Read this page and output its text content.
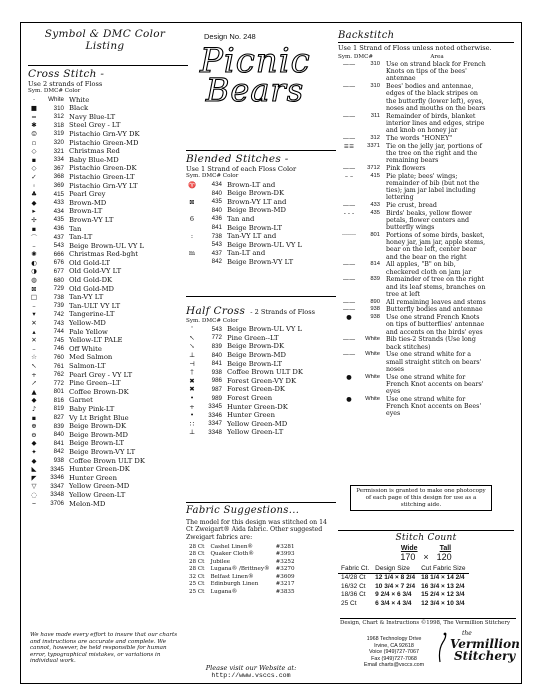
Symbol & DMC Color
Listing
Design No. 248
Picnic
Bears
Cross Stitch -
Use 2 strands of Floss
Sym. DMC# Color
·	White White
■	310 Black
=	312 Navy Blue-LT
✱	318 Steel Grey - LT
☺	319 Pistachio Grn-VY DK
▫	320 Pistachio Green-MD
◇	321 Christmas Red
▪	334 Baby Blue-MD
◇	367 Pistachio Green-DK
✓	368 Pistachio Green-LT
◦	369 Pistachio Grn-VY LT
♣	415 Pearl Grey
◆	433 Brown-MD
▸	434 Brown-LT
✢	435 Brown-VY LT
▪	436 Tan
⌒	437 Tan-LT
–	543 Beige Brown-UL VY L
✺	666 Christmas Red-bght
◐	676 Old Gold-LT
◑	677 Old Gold-VY LT
◍	680 Old Gold-DK
⊠	729 Old Gold-MD
□	738 Tan-VY LT
–	739 Tan-ULT VY LT
▾	742 Tangerine-LT
✕	743 Yellow-MD
▴	744 Pale Yellow
✕	745 Yellow-LT PALE
–	746 Off White
☆	760 Med Salmon
↖	761 Salmon-LT
+	762 Pearl Grey - VY LT
↗	772 Pine Green--LT
▲	801 Coffee Brown-DK
◆	816 Garnet
♪	819 Baby Pink-LT
▪	827 Vy Lt Bright Blue
⊕	839 Beige Brown-DK
⊖	840 Beige Brown-MD
◆	841 Beige Brown-LT
✦	842 Beige Brown-VY LT
◆	938 Coffee Brown ULT DK
◣	3345 Hunter Green-DK
◤	3346 Hunter Green
▽	3347 Yellow Green-MD
◌	3348 Yellow Green-LT
⌣	3706 Melon-MD
We have made every effort to insure that our charts and instructions are accurate and complete. We cannot, however, be held responsible for human error, typographical mistakes, or variations in individual work.
Blended Stitches -
Use 1 Strand of each Floss Color
Sym. DMC# Color
♈	434 Brown-LT and
840 Beige Brown-DK
⊠	435 Brown-VY LT and
840 Beige Brown-MD
6	436 Tan and
841 Beige Brown-LT
:	738 Tan-VY LT and
543 Beige Brown-UL VY L
m	437 Tan-LT and
842 Beige Brown-VY LT
Half Cross - 2 Strands of Floss
Sym. DMC# Color
'	543 Beige Brown-UL VY L
↖	772 Pine Green--LT
↘	839 Beige Brown-DK
⊥	840 Beige Brown-MD
⊣	841 Beige Brown-LT
†	938 Coffee Brown ULT DK
✖	986 Forest Green-VY DK
✖	987 Forest Green-DK
•	989 Forest Green
+	3345 Hunter Green-DK
•	3346 Hunter Green
∷	3347 Yellow Green-MD
⊥	3348 Yellow Green-LT
Fabric Suggestions...
The model for this design was stitched on 14 Ct Zweigart® Aida fabric. Other suggested Zweigart fabrics are:
28 Ct	Cashel Linen®	#3281
28 Ct	Quaker Cloth®	#3993
28 Ct	Jubilee	#3252
28 Ct	Lugana® /Brittney®	#3270
32 Ct	Belfast Linen®	#3609
25 Ct	Edinburgh Linen	#3217
25 Ct	Lugana®	#3835
Please visit our Website at:
http://www.vsccs.com
Backstitch
Use 1 Strand of Floss unless noted otherwise.
Sym. DMC#	Area
——	310 Use on strand black for French Knots on tips of the bees' antennae
——	310 Bees' bodies and antennae, edges of the black stripes on the butterfly (lower left), eyes, noses and mouths on the bears
——	311 Remainder of birds, blanket interior lines and edges, stripe and knob on honey jar
——	312 The words "HONEY"
≡≡	3371 Tie on the jelly jar, portions of the tree on the right and the remaining bears
——	3712 Pink flowers
– –	415 Pie plate; bees' wings; remainder of bib (but not the ties); jam jar label including lettering
——	433 Pie crust, bread
- - -	435 Birds' beaks, yellow flower petals, flower centers and butterfly wings
·······	801 Portions of some birds, basket, honey jar, jam jar, apple stems, bear on the left, center bear and the bear on the right
——	814 All apples, "B" on bib, checkered cloth on jam jar
——	839 Remainder of tree on the right and its leaf stems, branches on tree at left
——	890 All remaining leaves and stems
——	938 Butterfly bodies and antennae
●	938 Use one strand French Knots on tips of butterflies' antennae and accents on the birds' eyes
——	White Bib ties-2 Strands (Use long back stitches)
——	White Use one strand white for a small straight stitch on bears' noses
●	White Use one strand white for French Knot accents on bears' eyes
●	White Use one strand white for French Knot accents on Bees' eyes
Permission is granted to make one photocopy of each page of this design for use as a stitching aide.
Stitch Count
Wide	Tall
170 × 120
Fabric Ct.	Design Size	Cut Fabric Size
14/28 Ct	12 1/4 × 8 2/4	18 1/4 × 14 2/4
16/32 Ct	10 3/4 × 7 2/4	16 3/4 × 13 2/4
18/36 Ct	9 2/4 × 6 3/4	15 2/4 × 12 3/4
25 Ct	6 3/4 × 4 3/4	12 3/4 × 10 3/4
Design, Chart & Instructions ©1998, The Vermillion Stitchery
1968 Technology Drive
Irvine, CA 92618
Voice (949)727-7067
Fax (949)727-7068
Email charts@vsccs.com
the
Vermillion
Stitchery
